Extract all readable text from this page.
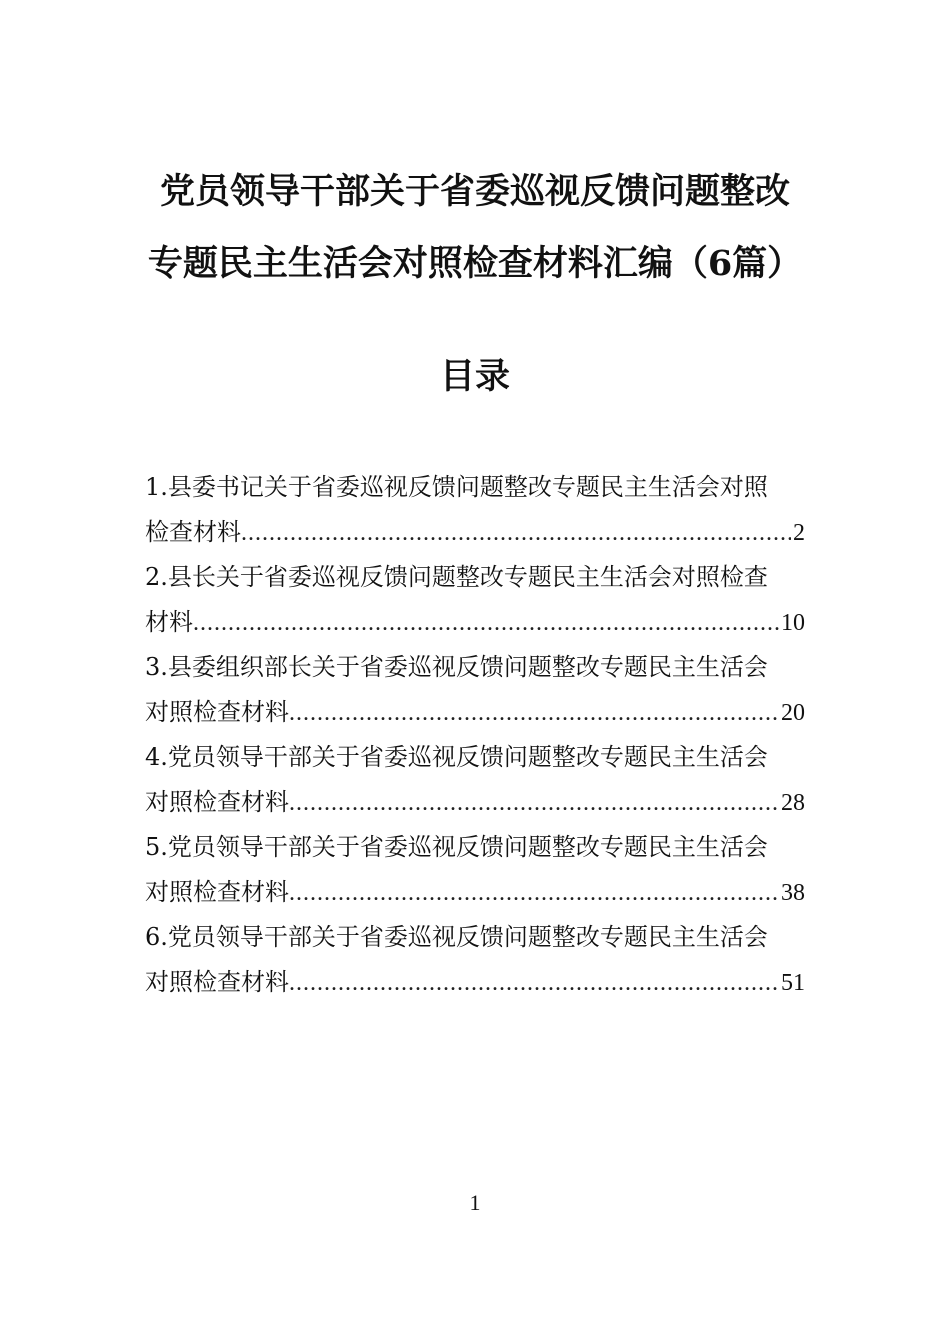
党员领导干部关于省委巡视反馈问题整改
专题民主生活会对照检查材料汇编（6篇）
目录
1.县委书记关于省委巡视反馈问题整改专题民主生活会对照
检查材料 .....	2
2.县长关于省委巡视反馈问题整改专题民主生活会对照检查
材料 .....	10
3.县委组织部长关于省委巡视反馈问题整改专题民主生活会
对照检查材料 .....	20
4.党员领导干部关于省委巡视反馈问题整改专题民主生活会
对照检查材料 .....	28
5.党员领导干部关于省委巡视反馈问题整改专题民主生活会
对照检查材料 .....	38
6.党员领导干部关于省委巡视反馈问题整改专题民主生活会
对照检查材料 .....	51
1
